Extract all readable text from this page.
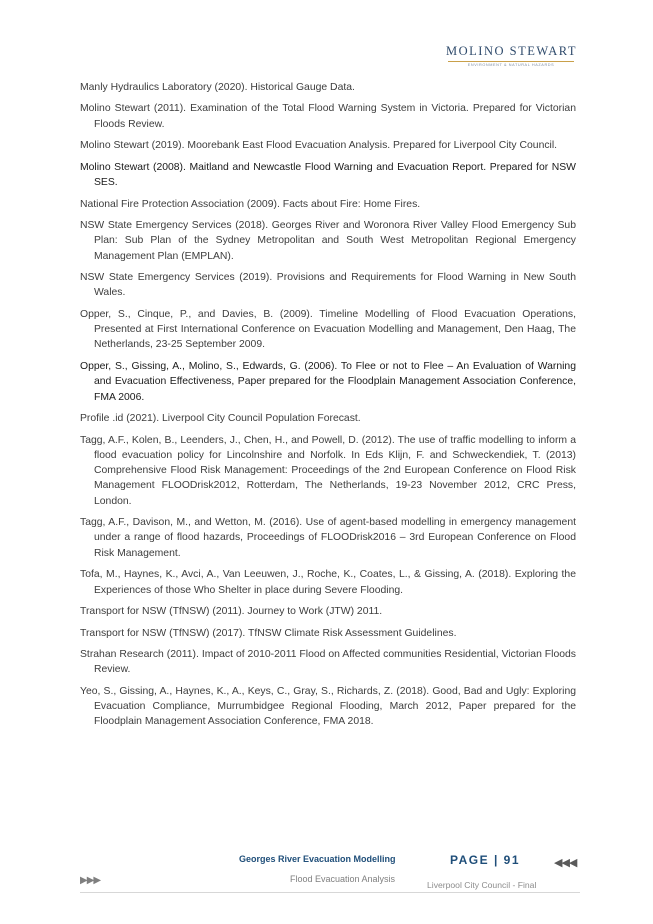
MOLINO STEWART
ENVIRONMENT & NATURAL HAZARDS

Manly Hydraulics Laboratory (2020). Historical Gauge Data.

Molino Stewart (2011). Examination of the Total Flood Warning System in Victoria. Prepared for Victorian Floods Review.

Molino Stewart (2019). Moorebank East Flood Evacuation Analysis. Prepared for Liverpool City Council.

Molino Stewart (2008). Maitland and Newcastle Flood Warning and Evacuation Report. Prepared for NSW SES.

National Fire Protection Association (2009). Facts about Fire: Home Fires.

NSW State Emergency Services (2018). Georges River and Woronora River Valley Flood Emergency Sub Plan: Sub Plan of the Sydney Metropolitan and South West Metropolitan Regional Emergency Management Plan (EMPLAN).

NSW State Emergency Services (2019). Provisions and Requirements for Flood Warning in New South Wales.

Opper, S., Cinque, P., and Davies, B. (2009). Timeline Modelling of Flood Evacuation Operations, Presented at First International Conference on Evacuation Modelling and Management, Den Haag, The Netherlands, 23-25 September 2009.

Opper, S., Gissing, A., Molino, S., Edwards, G. (2006). To Flee or not to Flee – An Evaluation of Warning and Evacuation Effectiveness, Paper prepared for the Floodplain Management Association Conference, FMA 2006.

Profile .id (2021). Liverpool City Council Population Forecast.

Tagg, A.F., Kolen, B., Leenders, J., Chen, H., and Powell, D. (2012). The use of traffic modelling to inform a flood evacuation policy for Lincolnshire and Norfolk. In Eds Klijn, F. and Schweckendiek, T. (2013) Comprehensive Flood Risk Management: Proceedings of the 2nd European Conference on Flood Risk Management FLOODrisk2012, Rotterdam, The Netherlands, 19-23 November 2012, CRC Press, London.

Tagg, A.F., Davison, M., and Wetton, M. (2016). Use of agent-based modelling in emergency management under a range of flood hazards, Proceedings of FLOODrisk2016 – 3rd European Conference on Flood Risk Management.

Tofa, M., Haynes, K., Avci, A., Van Leeuwen, J., Roche, K., Coates, L., & Gissing, A. (2018). Exploring the Experiences of those Who Shelter in place during Severe Flooding.

Transport for NSW (TfNSW) (2011). Journey to Work (JTW) 2011.

Transport for NSW (TfNSW) (2017). TfNSW Climate Risk Assessment Guidelines.

Strahan Research (2011). Impact of 2010-2011 Flood on Affected communities Residential, Victorian Floods Review.

Yeo, S., Gissing, A., Haynes, K., A., Keys, C., Gray, S., Richards, Z. (2018). Good, Bad and Ugly: Exploring Evacuation Compliance, Murrumbidgee Regional Flooding, March 2012, Paper prepared for the Floodplain Management Association Conference, FMA 2018.

Georges River Evacuation Modelling
Flood Evacuation Analysis
PAGE | 91
Liverpool City Council - Final
▶▶▶
◀◀◀
